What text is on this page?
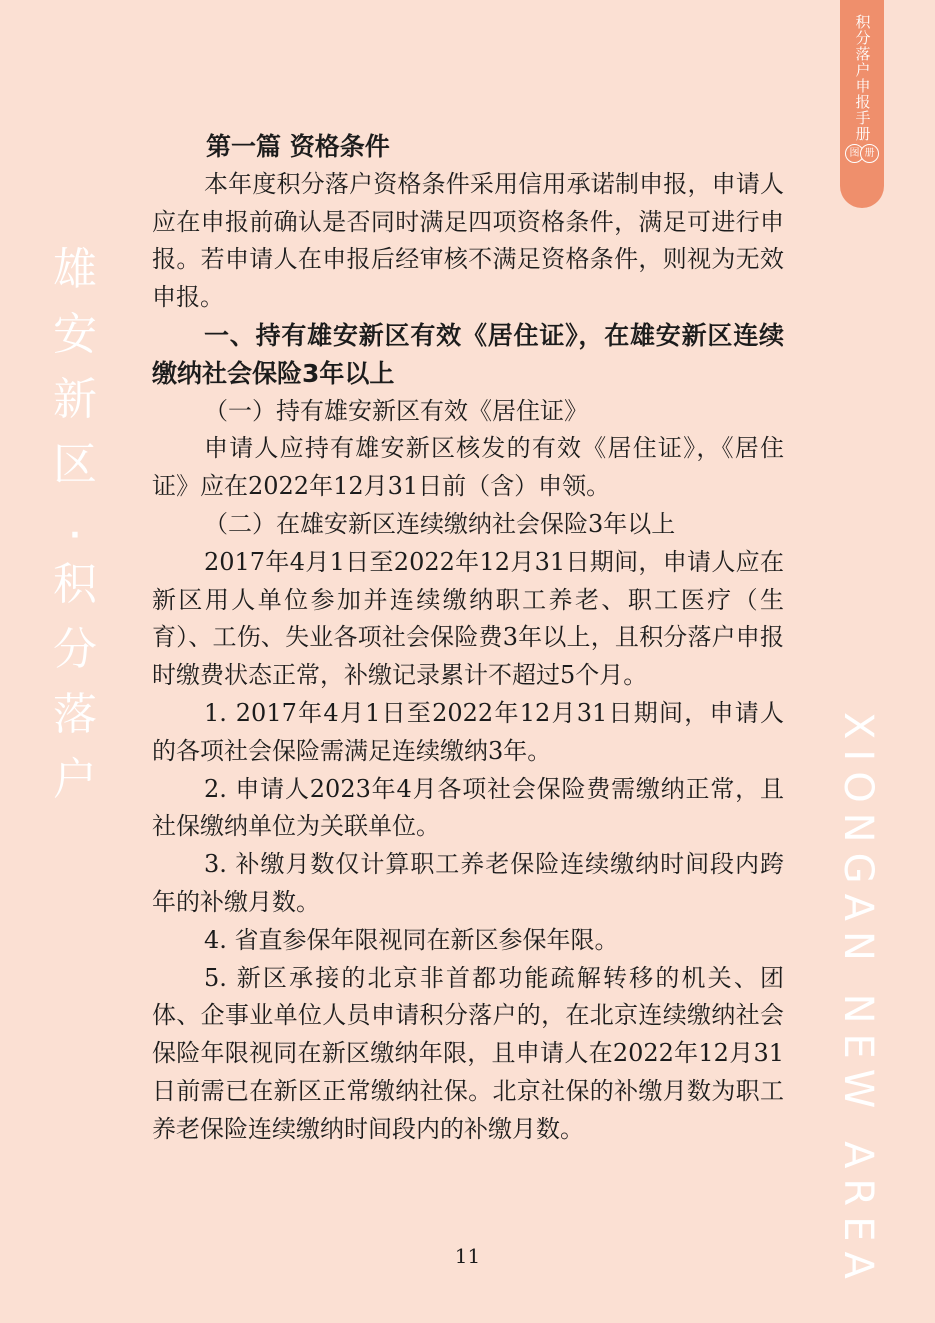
积分落户申报手册
图 册
雄
安
新
区
·
积
分
落
户	XIONGAN NEW AREA

第一篇 资格条件

本年度积分落户资格条件采用信用承诺制申报，申请人应在申报前确认是否同时满足四项资格条件，满足可进行申报。若申请人在申报后经审核不满足资格条件，则视为无效申报。

一、持有雄安新区有效《居住证》，在雄安新区连续缴纳社会保险3年以上

（一）持有雄安新区有效《居住证》

申请人应持有雄安新区核发的有效《居住证》，《居住证》应在2022年12月31日前（含）申领。

（二）在雄安新区连续缴纳社会保险3年以上

2017年4月1日至2022年12月31日期间，申请人应在新区用人单位参加并连续缴纳职工养老、职工医疗（生育）、工伤、失业各项社会保险费3年以上，且积分落户申报时缴费状态正常，补缴记录累计不超过5个月。

1. 2017年4月1日至2022年12月31日期间，申请人的各项社会保险需满足连续缴纳3年。

2. 申请人2023年4月各项社会保险费需缴纳正常，且社保缴纳单位为关联单位。

3. 补缴月数仅计算职工养老保险连续缴纳时间段内跨年的补缴月数。

4. 省直参保年限视同在新区参保年限。

5. 新区承接的北京非首都功能疏解转移的机关、团体、企事业单位人员申请积分落户的，在北京连续缴纳社会保险年限视同在新区缴纳年限，且申请人在2022年12月31日前需已在新区正常缴纳社保。北京社保的补缴月数为职工养老保险连续缴纳时间段内的补缴月数。

11
